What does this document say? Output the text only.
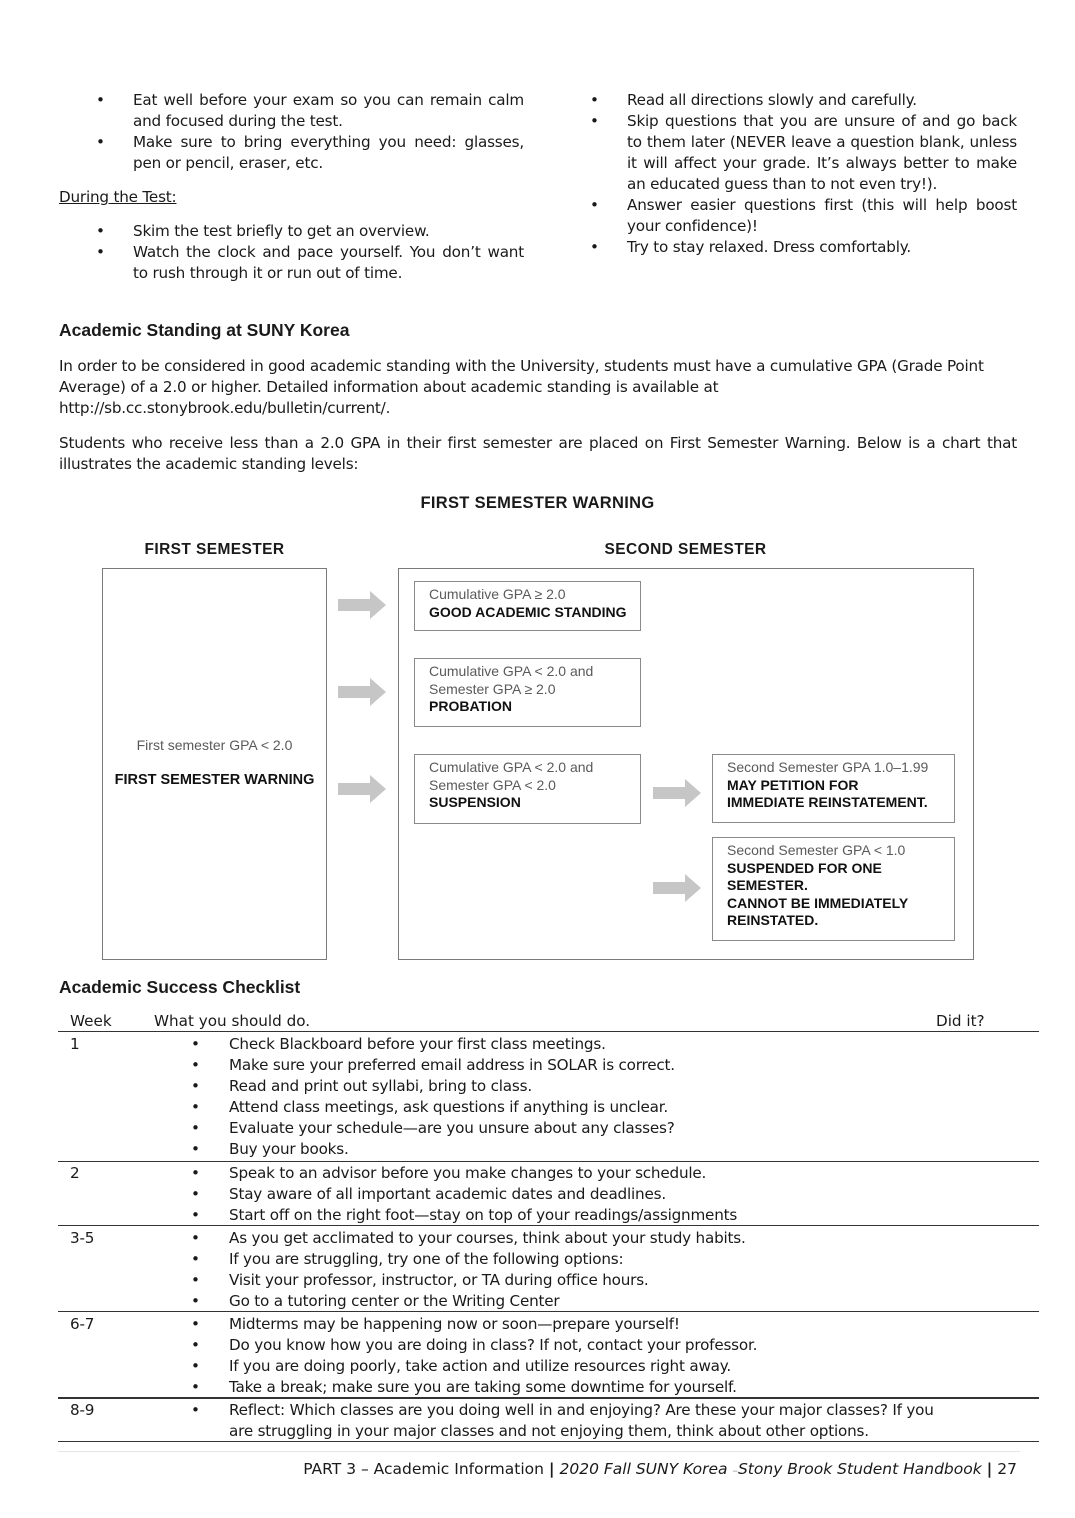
• Eat well before your exam so you can remain calm and focused during the test.
• Make sure to bring everything you need: glasses, pen or pencil, eraser, etc.
During the Test:
• Skim the test briefly to get an overview.
• Watch the clock and pace yourself. You don’t want to rush through it or run out of time.
• Read all directions slowly and carefully.
• Skip questions that you are unsure of and go back to them later (NEVER leave a question blank, unless it will affect your grade. It’s always better to make an educated guess than to not even try!).
• Answer easier questions first (this will help boost your confidence)!
• Try to stay relaxed. Dress comfortably.
Academic Standing at SUNY Korea
In order to be considered in good academic standing with the University, students must have a cumulative GPA (Grade Point Average) of a 2.0 or higher. Detailed information about academic standing is available at http://sb.cc.stonybrook.edu/bulletin/current/.
Students who receive less than a 2.0 GPA in their first semester are placed on First Semester Warning. Below is a chart that illustrates the academic standing levels:
FIRST SEMESTER WARNING
FIRST SEMESTER	SECOND SEMESTER
First semester GPA < 2.0
FIRST SEMESTER WARNING
Cumulative GPA ≥ 2.0
GOOD ACADEMIC STANDING
Cumulative GPA < 2.0 and
Semester GPA ≥ 2.0
PROBATION
Cumulative GPA < 2.0 and
Semester GPA < 2.0
SUSPENSION
Second Semester GPA 1.0–1.99
MAY PETITION FOR
IMMEDIATE REINSTATEMENT.
Second Semester GPA < 1.0
SUSPENDED FOR ONE
SEMESTER.
CANNOT BE IMMEDIATELY
REINSTATED.
Academic Success Checklist
Week	What you should do.	Did it?
1	• Check Blackboard before your first class meetings.
• Make sure your preferred email address in SOLAR is correct.
• Read and print out syllabi, bring to class.
• Attend class meetings, ask questions if anything is unclear.
• Evaluate your schedule—are you unsure about any classes?
• Buy your books.
2	• Speak to an advisor before you make changes to your schedule.
• Stay aware of all important academic dates and deadlines.
• Start off on the right foot—stay on top of your readings/assignments
3-5	• As you get acclimated to your courses, think about your study habits.
• If you are struggling, try one of the following options:
• Visit your professor, instructor, or TA during office hours.
• Go to a tutoring center or the Writing Center
6-7	• Midterms may be happening now or soon—prepare yourself!
• Do you know how you are doing in class? If not, contact your professor.
• If you are doing poorly, take action and utilize resources right away.
• Take a break; make sure you are taking some downtime for yourself.
8-9	• Reflect: Which classes are you doing well in and enjoying? Are these your major classes? If you are struggling in your major classes and not enjoying them, think about other options.
PART 3 – Academic Information | 2020 Fall SUNY Korea –Stony Brook Student Handbook | 27
